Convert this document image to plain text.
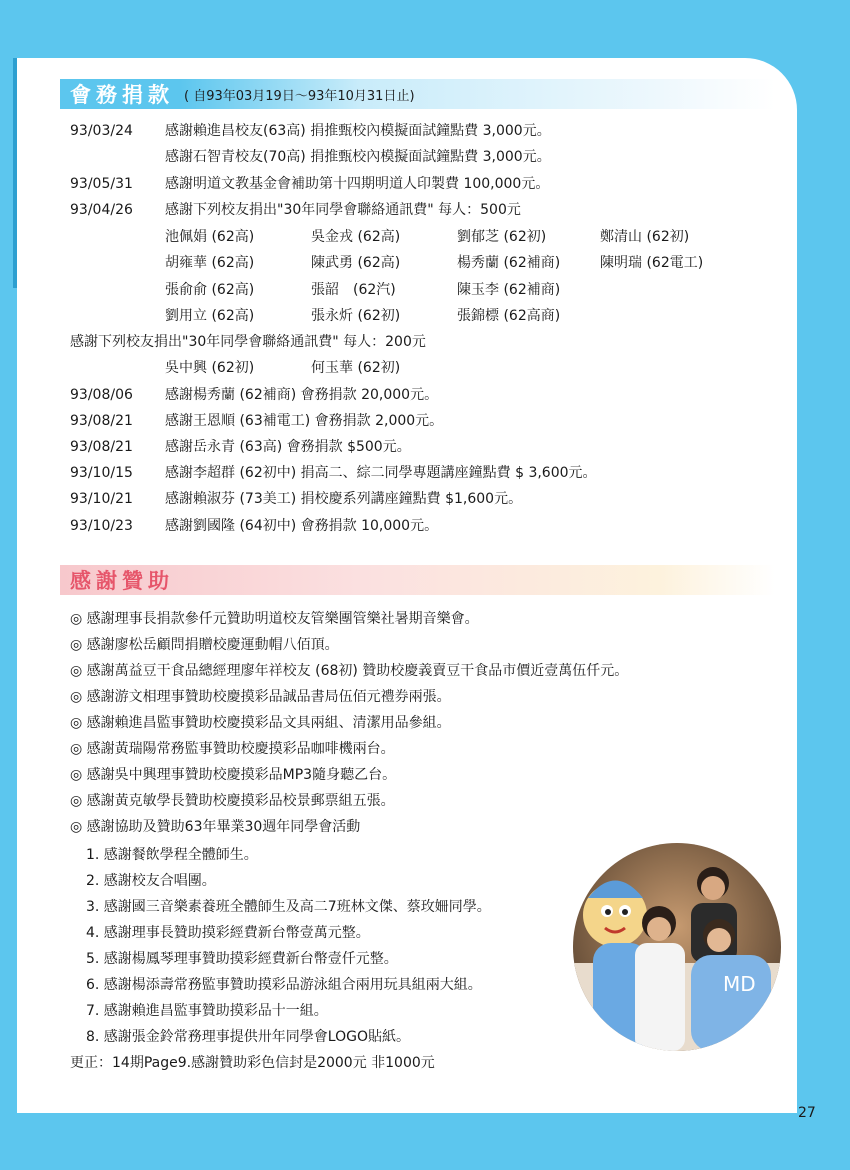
會務捐款 ( 自93年03月19日～93年10月31日止)
93/03/24 感謝賴進昌校友(63高) 捐推甄校內模擬面試鐘點費 3,000元。
感謝石智青校友(70高) 捐推甄校內模擬面試鐘點費 3,000元。
93/05/31 感謝明道文教基金會補助第十四期明道人印製費 100,000元。
93/04/26 感謝下列校友捐出"30年同學會聯絡通訊費" 每人：500元
池佩娟 (62高)	吳金戎 (62高)	劉郁芝 (62初)	鄭清山 (62初)
胡雍華 (62高)	陳武勇 (62高)	楊秀蘭 (62補商)	陳明瑞 (62電工)
張俞俞 (62高)	張韶　(62汽)	陳玉李 (62補商)
劉用立 (62高)	張永炘 (62初)	張錦標 (62高商)
感謝下列校友捐出"30年同學會聯絡通訊費" 每人：200元
吳中興 (62初)	何玉華 (62初)
93/08/06 感謝楊秀蘭 (62補商) 會務捐款 20,000元。
93/08/21 感謝王恩順 (63補電工) 會務捐款 2,000元。
93/08/21 感謝岳永青 (63高) 會務捐款 $500元。
93/10/15 感謝李超群 (62初中) 捐高二、綜二同學專題講座鐘點費 $ 3,600元。
93/10/21 感謝賴淑芬 (73美工) 捐校慶系列講座鐘點費 $1,600元。
93/10/23 感謝劉國隆 (64初中) 會務捐款 10,000元。
感謝贊助
◎ 感謝理事長捐款參仟元贊助明道校友管樂團管樂社暑期音樂會。
◎ 感謝廖松岳顧問捐贈校慶運動帽八佰頂。
◎ 感謝萬益豆干食品總經理廖年祥校友 (68初) 贊助校慶義賣豆干食品市價近壹萬伍仟元。
◎ 感謝游文相理事贊助校慶摸彩品誠品書局伍佰元禮券兩張。
◎ 感謝賴進昌監事贊助校慶摸彩品文具兩組、清潔用品參組。
◎ 感謝黃瑞陽常務監事贊助校慶摸彩品咖啡機兩台。
◎ 感謝吳中興理事贊助校慶摸彩品MP3隨身聽乙台。
◎ 感謝黃克敏學長贊助校慶摸彩品校景郵票組五張。
◎ 感謝協助及贊助63年畢業30週年同學會活動
1. 感謝餐飲學程全體師生。
2. 感謝校友合唱團。
3. 感謝國三音樂素養班全體師生及高二7班林文傑、蔡玫姍同學。
4. 感謝理事長贊助摸彩經費新台幣壹萬元整。
5. 感謝楊鳳琴理事贊助摸彩經費新台幣壹仟元整。
6. 感謝楊添壽常務監事贊助摸彩品游泳組合兩用玩具組兩大組。
7. 感謝賴進昌監事贊助摸彩品十一組。
8. 感謝張金鈴常務理事提供卅年同學會LOGO貼紙。
更正：14期Page9.感謝贊助彩色信封是2000元 非1000元
MD
27
